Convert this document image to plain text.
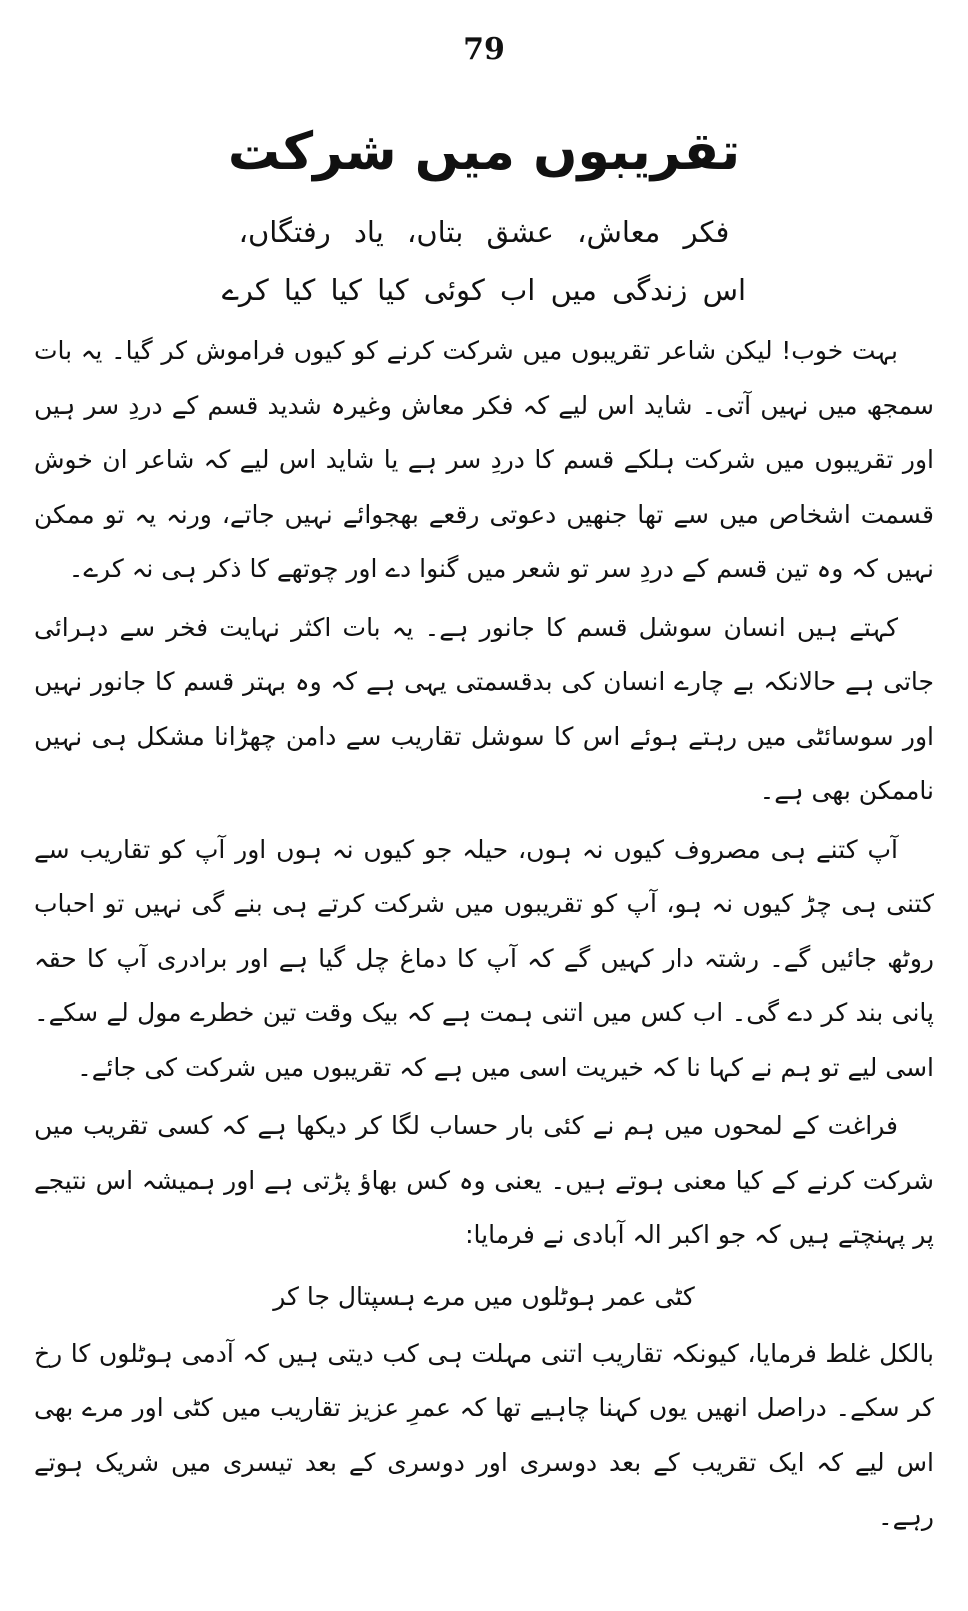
79
تقریبوں میں شرکت
فکر معاش، عشق بتاں، یاد رفتگاں،
اس زندگی میں اب کوئی کیا کیا کیا کرے

بہت خوب! لیکن شاعر تقریبوں میں شرکت کرنے کو کیوں فراموش کر گیا۔ یہ بات سمجھ میں نہیں آتی۔ شاید اس لیے کہ فکر معاش وغیرہ شدید قسم کے دردِ سر ہیں اور تقریبوں میں شرکت ہلکے قسم کا دردِ سر ہے یا شاید اس لیے کہ شاعر ان خوش قسمت اشخاص میں سے تھا جنھیں دعوتی رقعے بھجوائے نہیں جاتے، ورنہ یہ تو ممکن نہیں کہ وہ تین قسم کے دردِ سر تو شعر میں گنوا دے اور چوتھے کا ذکر ہی نہ کرے۔

کہتے ہیں انسان سوشل قسم کا جانور ہے۔ یہ بات اکثر نہایت فخر سے دہرائی جاتی ہے حالانکہ بے چارے انسان کی بدقسمتی یہی ہے کہ وہ بہتر قسم کا جانور نہیں اور سوسائٹی میں رہتے ہوئے اس کا سوشل تقاریب سے دامن چھڑانا مشکل ہی نہیں ناممکن بھی ہے۔

آپ کتنے ہی مصروف کیوں نہ ہوں، حیلہ جو کیوں نہ ہوں اور آپ کو تقاریب سے کتنی ہی چڑ کیوں نہ ہو، آپ کو تقریبوں میں شرکت کرتے ہی بنے گی نہیں تو احباب روٹھ جائیں گے۔ رشتہ دار کہیں گے کہ آپ کا دماغ چل گیا ہے اور برادری آپ کا حقہ پانی بند کر دے گی۔ اب کس میں اتنی ہمت ہے کہ بیک وقت تین خطرے مول لے سکے۔ اسی لیے تو ہم نے کہا نا کہ خیریت اسی میں ہے کہ تقریبوں میں شرکت کی جائے۔

فراغت کے لمحوں میں ہم نے کئی بار حساب لگا کر دیکھا ہے کہ کسی تقریب میں شرکت کرنے کے کیا معنی ہوتے ہیں۔ یعنی وہ کس بھاؤ پڑتی ہے اور ہمیشہ اس نتیجے پر پہنچتے ہیں کہ جو اکبر الہ آبادی نے فرمایا:

کٹی عمر ہوٹلوں میں مرے ہسپتال جا کر

بالکل غلط فرمایا، کیونکہ تقاریب اتنی مہلت ہی کب دیتی ہیں کہ آدمی ہوٹلوں کا رخ کر سکے۔ دراصل انھیں یوں کہنا چاہیے تھا کہ عمرِ عزیز تقاریب میں کٹی اور مرے بھی اس لیے کہ ایک تقریب کے بعد دوسری اور دوسری کے بعد تیسری میں شریک ہوتے رہے۔
